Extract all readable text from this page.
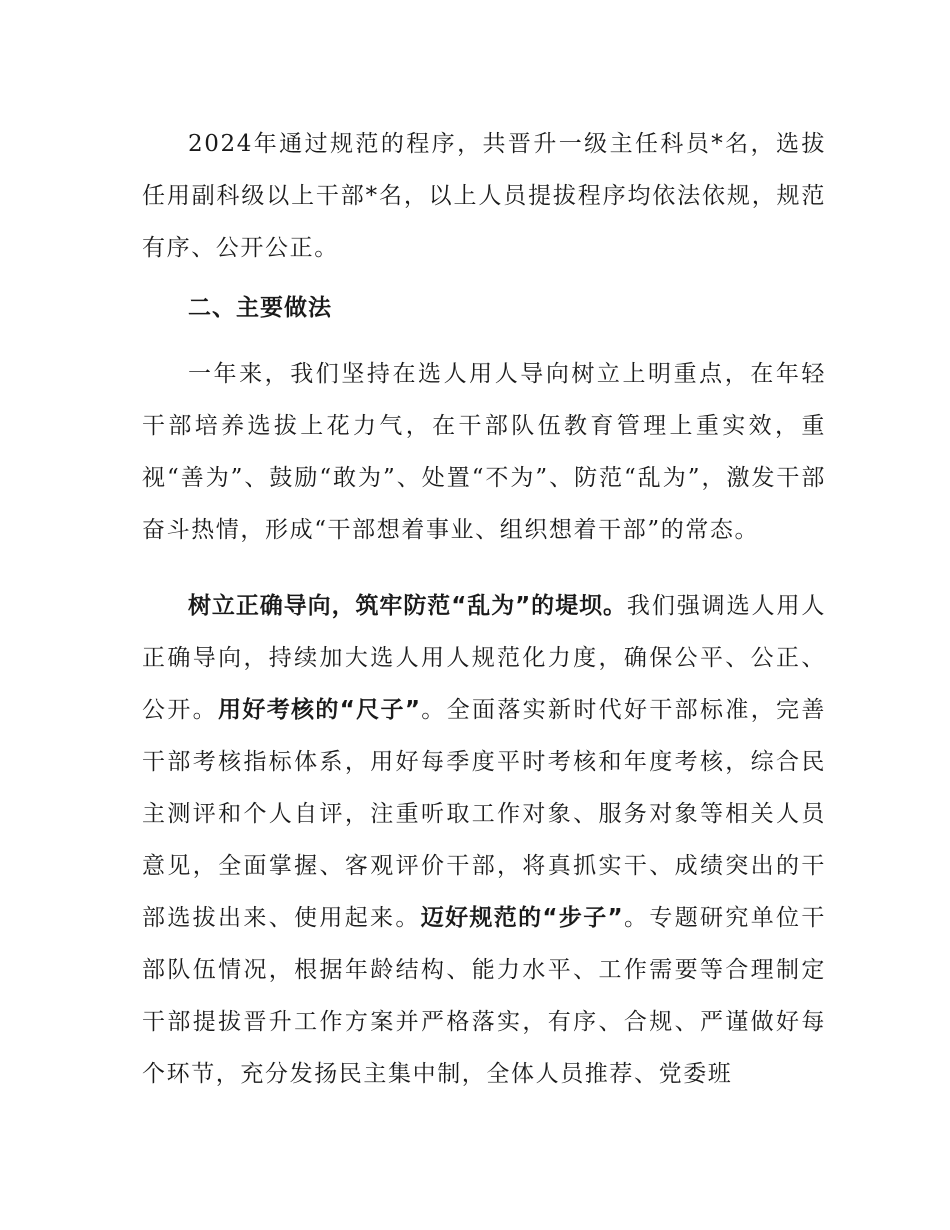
2024年通过规范的程序，共晋升一级主任科员*名，选拔任用副科级以上干部*名，以上人员提拔程序均依法依规，规范有序、公开公正。

二、主要做法

一年来，我们坚持在选人用人导向树立上明重点，在年轻干部培养选拔上花力气，在干部队伍教育管理上重实效，重视“善为”、鼓励“敢为”、处置“不为”、防范“乱为”，激发干部奋斗热情，形成“干部想着事业、组织想着干部”的常态。

树立正确导向，筑牢防范“乱为”的堤坝。我们强调选人用人正确导向，持续加大选人用人规范化力度，确保公平、公正、公开。用好考核的“尺子”。全面落实新时代好干部标准，完善干部考核指标体系，用好每季度平时考核和年度考核，综合民主测评和个人自评，注重听取工作对象、服务对象等相关人员意见，全面掌握、客观评价干部，将真抓实干、成绩突出的干部选拔出来、使用起来。迈好规范的“步子”。专题研究单位干部队伍情况，根据年龄结构、能力水平、工作需要等合理制定干部提拔晋升工作方案并严格落实，有序、合规、严谨做好每个环节，充分发扬民主集中制，全体人员推荐、党委班
